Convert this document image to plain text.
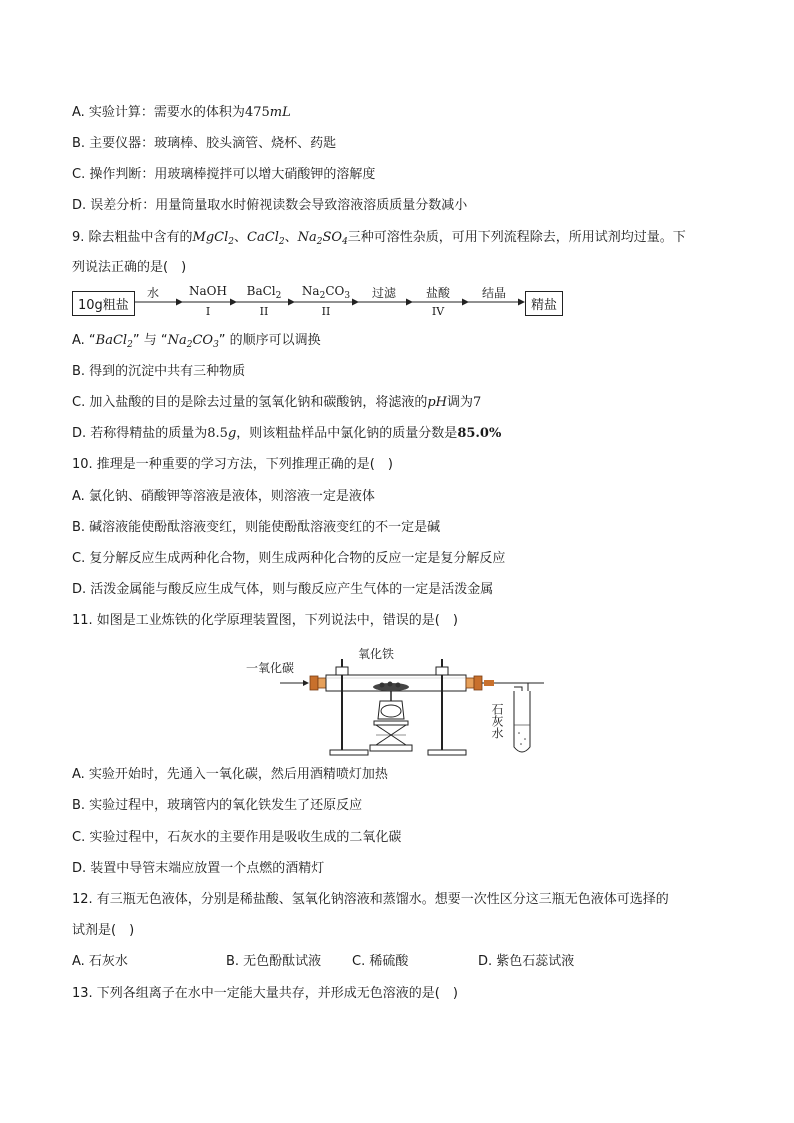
A. 实验计算：需要水的体积为475mL
B. 主要仪器：玻璃棒、胶头滴管、烧杯、药匙
C. 操作判断：用玻璃棒搅拌可以增大硝酸钾的溶解度
D. 误差分析：用量筒量取水时俯视读数会导致溶液溶质质量分数减小
9. 除去粗盐中含有的MgCl$_2$、CaCl$_2$、$Na_2SO_4$三种可溶性杂质，可用下列流程除去，所用试剂均过量。下
列说法正确的是(　)
10g粗盐
水	NaOH
I
BaCl$_2$
II
$Na_2CO_3$
II
过滤	盐酸
IV
结晶
精盐
A. “BaCl$_2$” 与 “$Na_2CO_3$” 的顺序可以调换
B. 得到的沉淀中共有三种物质
C. 加入盐酸的目的是除去过量的氢氧化钠和碳酸钠，将滤液的pH调为7
D. 若称得精盐的质量为8.5g，则该粗盐样品中氯化钠的质量分数是85.0%
10. 推理是一种重要的学习方法，下列推理正确的是(　)
A. 氯化钠、硝酸钾等溶液是液体，则溶液一定是液体
B. 碱溶液能使酚酞溶液变红，则能使酚酞溶液变红的不一定是碱
C. 复分解反应生成两种化合物，则生成两种化合物的反应一定是复分解反应
D. 活泼金属能与酸反应生成气体，则与酸反应产生气体的一定是活泼金属
11. 如图是工业炼铁的化学原理装置图，下列说法中，错误的是(　)
一氧化碳
氧化铁
石灰水
A. 实验开始时，先通入一氧化碳，然后用酒精喷灯加热
B. 实验过程中，玻璃管内的氧化铁发生了还原反应
C. 实验过程中，石灰水的主要作用是吸收生成的二氧化碳
D. 装置中导管末端应放置一个点燃的酒精灯
12. 有三瓶无色液体，分别是稀盐酸、氢氧化钠溶液和蒸馏水。想要一次性区分这三瓶无色液体可选择的
试剂是(　)
A. 石灰水	B. 无色酚酞试液 C. 稀硫酸	D. 紫色石蕊试液
13. 下列各组离子在水中一定能大量共存，并形成无色溶液的是(　)
